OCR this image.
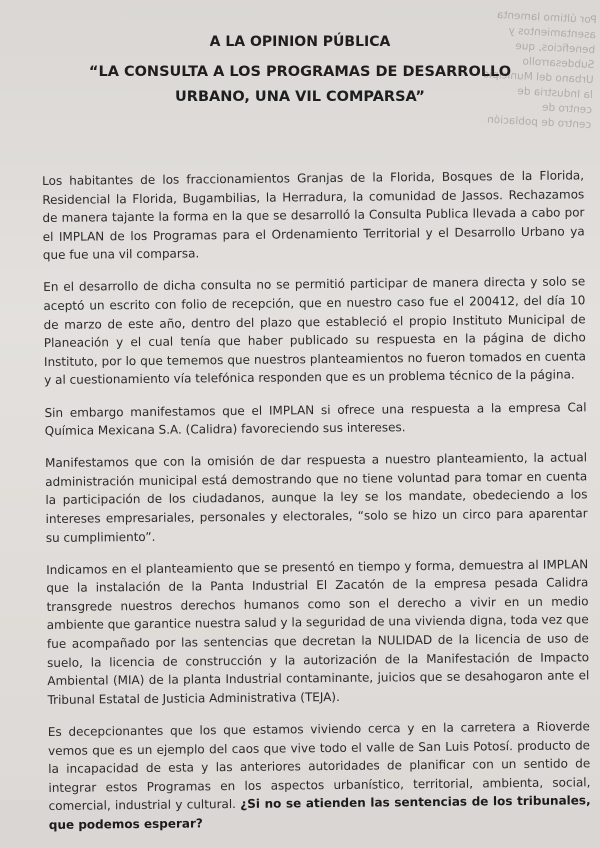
Por último lamenta
asentamientos y
beneficios, que
Subdesarrollo
Urbano del Municipio
la Industria de
centro de
centro de población
A LA OPINION PÚBLICA
“LA CONSULTA A LOS PROGRAMAS DE DESARROLLO URBANO, UNA VIL COMPARSA”

Los habitantes de los fraccionamientos Granjas de la Florida, Bosques de la Florida, Residencial la Florida, Bugambilias, la Herradura, la comunidad de Jassos. Rechazamos de manera tajante la forma en la que se desarrolló la Consulta Publica llevada a cabo por el IMPLAN de los Programas para el Ordenamiento Territorial y el Desarrollo Urbano ya que fue una vil comparsa.

En el desarrollo de dicha consulta no se permitió participar de manera directa y solo se aceptó un escrito con folio de recepción, que en nuestro caso fue el 200412, del día 10 de marzo de este año, dentro del plazo que estableció el propio Instituto Municipal de Planeación y el cual tenía que haber publicado su respuesta en la página de dicho Instituto, por lo que tememos que nuestros planteamientos no fueron tomados en cuenta y al cuestionamiento vía telefónica responden que es un problema técnico de la página.

Sin embargo manifestamos que el IMPLAN si ofrece una respuesta a la empresa Cal Química Mexicana S.A. (Calidra) favoreciendo sus intereses.

Manifestamos que con la omisión de dar respuesta a nuestro planteamiento, la actual administración municipal está demostrando que no tiene voluntad para tomar en cuenta la participación de los ciudadanos, aunque la ley se los mandate, obedeciendo a los intereses empresariales, personales y electorales, “solo se hizo un circo para aparentar su cumplimiento”.

Indicamos en el planteamiento que se presentó en tiempo y forma, demuestra al IMPLAN que la instalación de la Panta Industrial El Zacatón de la empresa pesada Calidra transgrede nuestros derechos humanos como son el derecho a vivir en un medio ambiente que garantice nuestra salud y la seguridad de una vivienda digna, toda vez que fue acompañado por las sentencias que decretan la NULIDAD de la licencia de uso de suelo, la licencia de construcción y la autorización de la Manifestación de Impacto Ambiental (MIA) de la planta Industrial contaminante, juicios que se desahogaron ante el Tribunal Estatal de Justicia Administrativa (TEJA).

Es decepcionantes que los que estamos viviendo cerca y en la carretera a Rioverde vemos que es un ejemplo del caos que vive todo el valle de San Luis Potosí. producto de la incapacidad de esta y las anteriores autoridades de planificar con un sentido de integrar estos Programas en los aspectos urbanístico, territorial, ambienta, social, comercial, industrial y cultural. ¿Si no se atienden las sentencias de los tribunales, que podemos esperar?
